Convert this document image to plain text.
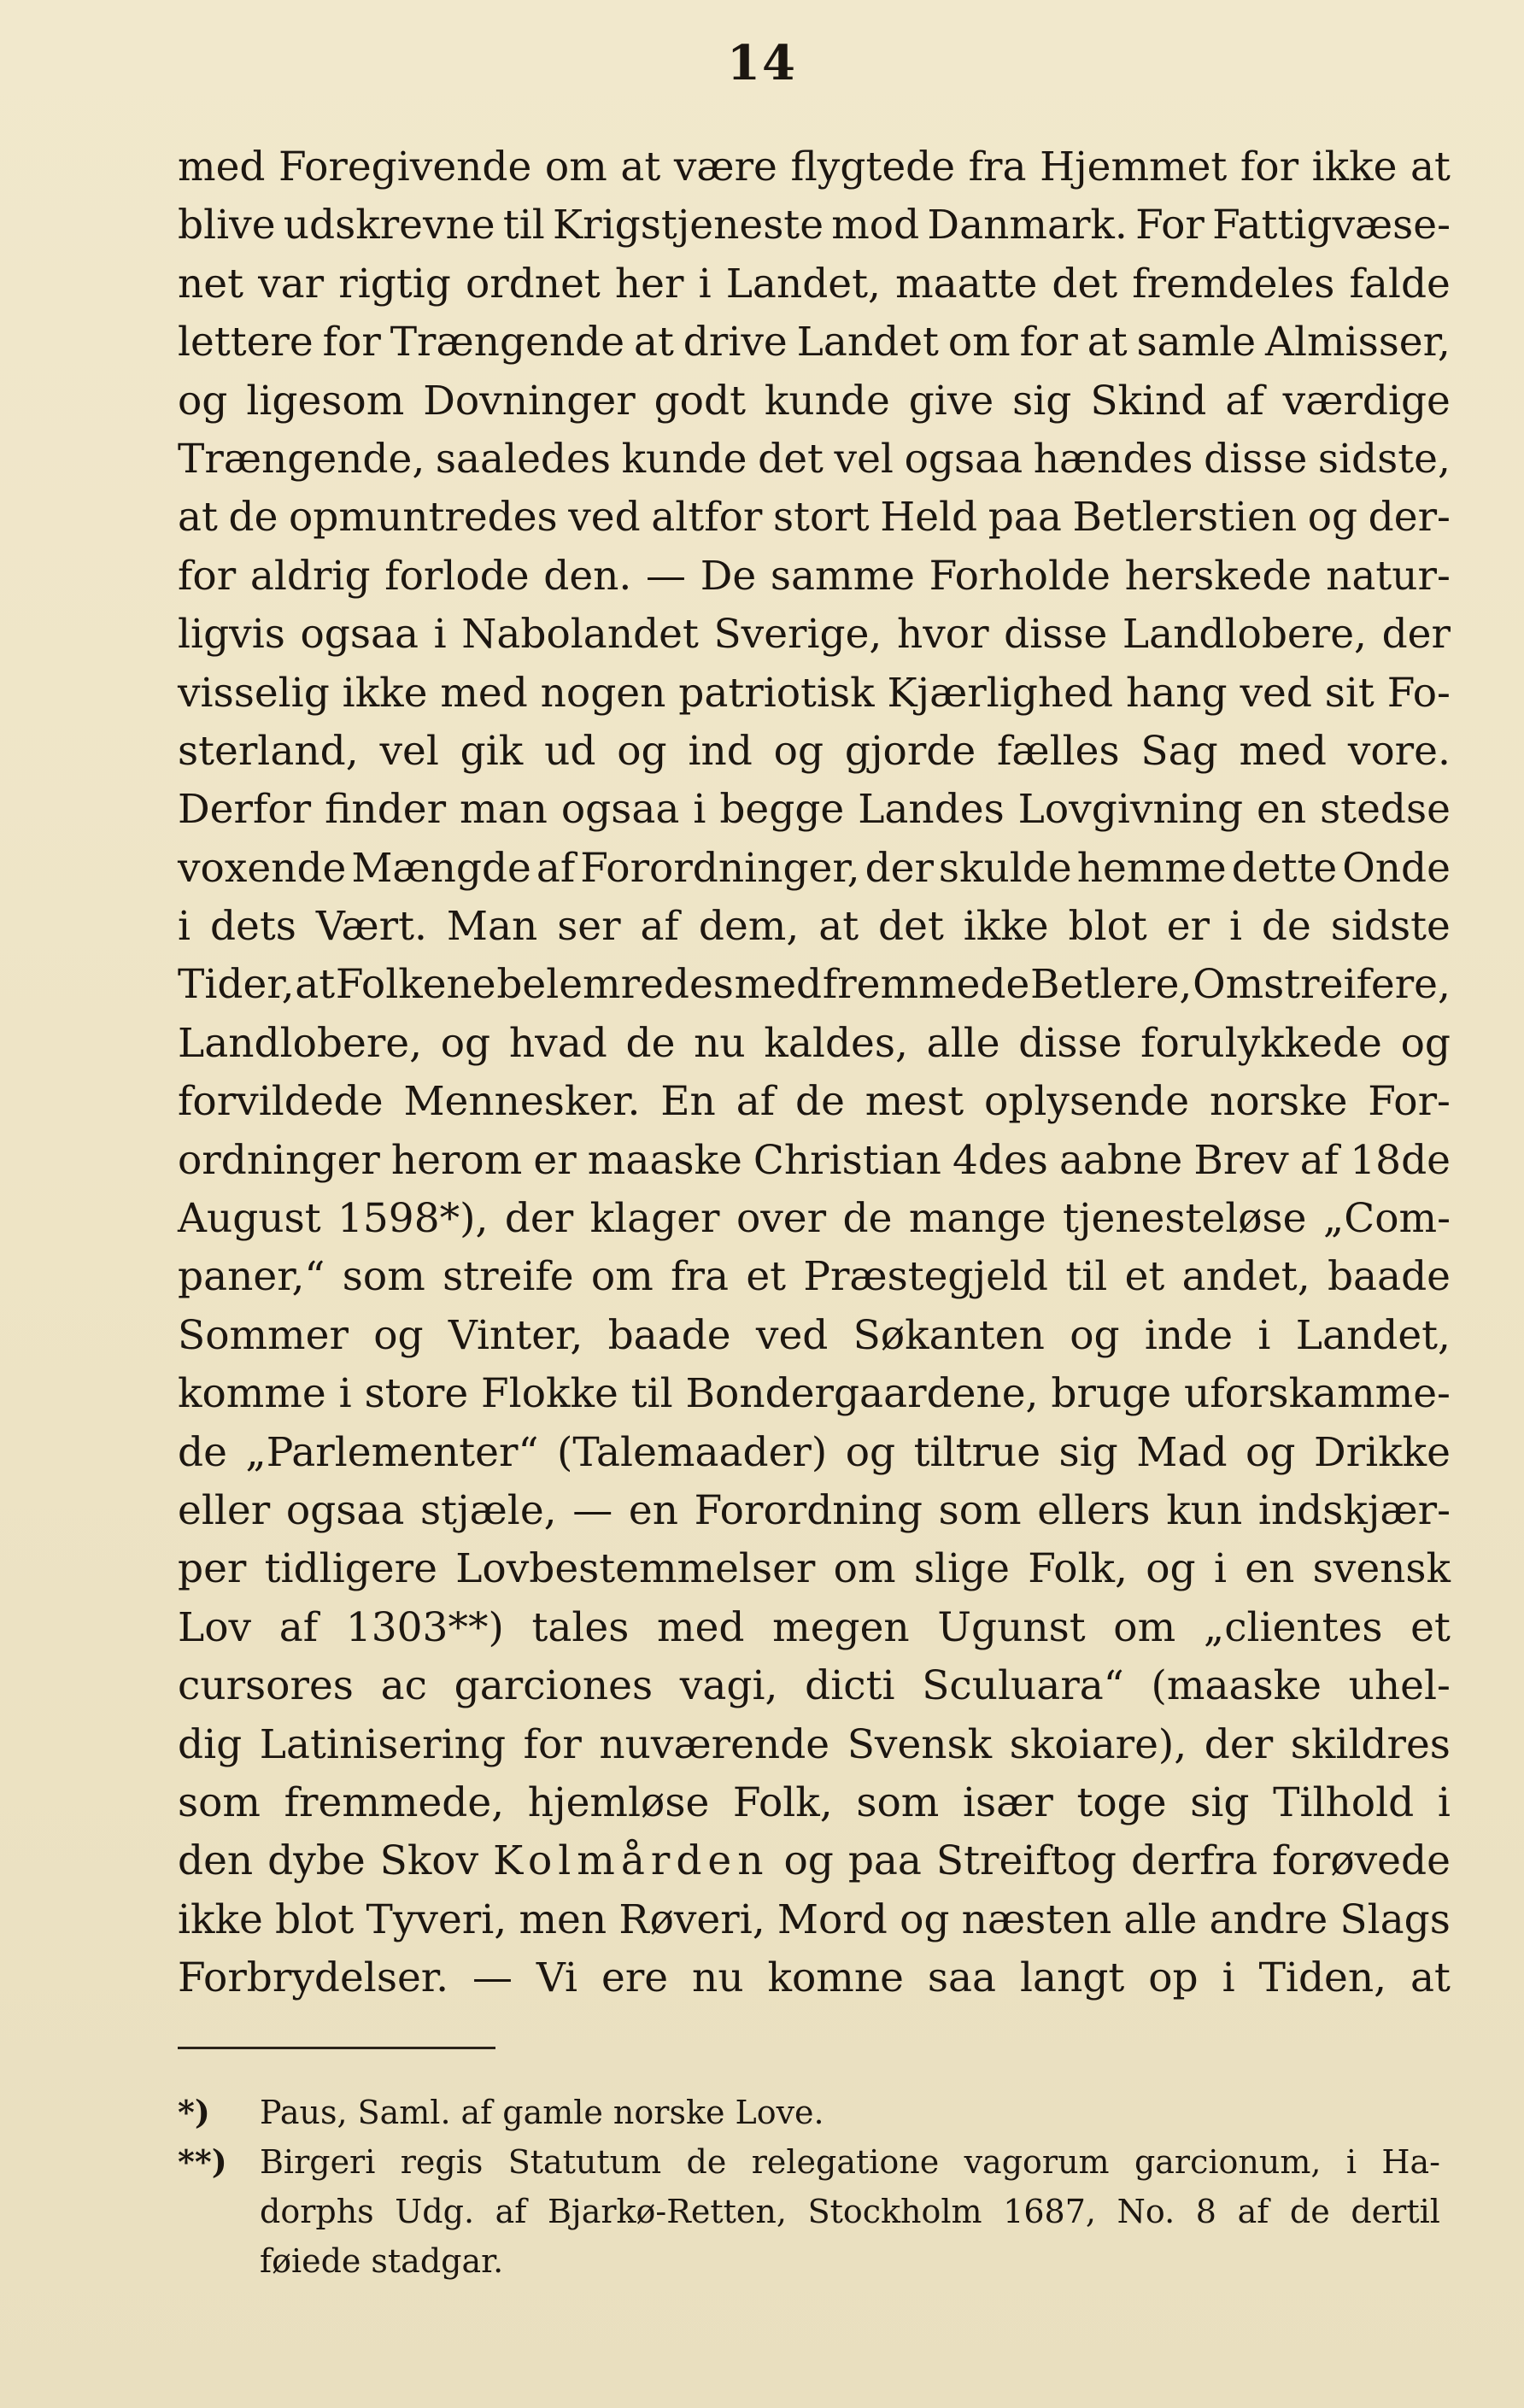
14
med Foregivende om at være flygtede fra Hjemmet for ikke at
blive udskrevne til Krigstjeneste mod Danmark. For Fattigvæse-
net var rigtig ordnet her i Landet, maatte det fremdeles falde
lettere for Trængende at drive Landet om for at samle Almisser,
og ligesom Dovninger godt kunde give sig Skind af værdige
Trængende, saaledes kunde det vel ogsaa hændes disse sidste,
at de opmuntredes ved altfor stort Held paa Betlerstien og der-
for aldrig forlode den. — De samme Forholde herskede natur-
ligvis ogsaa i Nabolandet Sverige, hvor disse Landlobere, der
visselig ikke med nogen patriotisk Kjærlighed hang ved sit Fo-
sterland, vel gik ud og ind og gjorde fælles Sag med vore.
Derfor finder man ogsaa i begge Landes Lovgivning en stedse
voxende Mængde af Forordninger, der skulde hemme dette Onde
i dets Vært. Man ser af dem, at det ikke blot er i de sidste
Tider, at Folkene belemredes med fremmede Betlere, Omstreifere,
Landlobere, og hvad de nu kaldes, alle disse forulykkede og
forvildede Mennesker. En af de mest oplysende norske For-
ordninger herom er maaske Christian 4des aabne Brev af 18de
August 1598*), der klager over de mange tjenesteløse „Com-
paner,“ som streife om fra et Præstegjeld til et andet, baade
Sommer og Vinter, baade ved Søkanten og inde i Landet,
komme i store Flokke til Bondergaardene, bruge uforskamme-
de „Parlementer“ (Talemaader) og tiltrue sig Mad og Drikke
eller ogsaa stjæle, — en Forordning som ellers kun indskjær-
per tidligere Lovbestemmelser om slige Folk, og i en svensk
Lov af 1303**) tales med megen Ugunst om „clientes et
cursores ac garciones vagi, dicti Sculuara“ (maaske uhel-
dig Latinisering for nuværende Svensk skoiare), der skildres
som fremmede, hjemløse Folk, som især toge sig Tilhold i
den dybe Skov Kolmården og paa Streiftog derfra forøvede
ikke blot Tyveri, men Røveri, Mord og næsten alle andre Slags
Forbrydelser. — Vi ere nu komne saa langt op i Tiden, at
*)	Paus, Saml. af gamle norske Love.
**)	Birgeri regis Statutum de relegatione vagorum garcionum, i Ha-
dorphs Udg. af Bjarkø-Retten, Stockholm 1687, No. 8 af de dertil
føiede stadgar.
